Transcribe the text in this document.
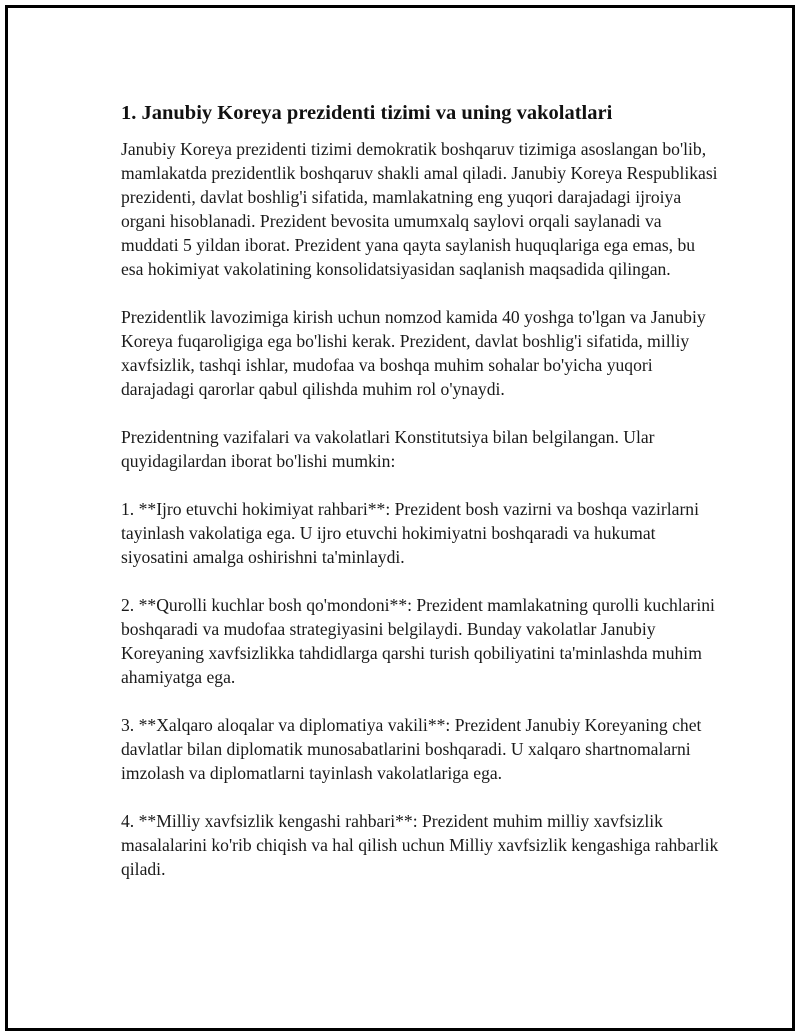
1. Janubiy Koreya prezidenti tizimi va uning vakolatlari

Janubiy Koreya prezidenti tizimi demokratik boshqaruv tizimiga asoslangan bo'lib, mamlakatda prezidentlik boshqaruv shakli amal qiladi. Janubiy Koreya Respublikasi prezidenti, davlat boshlig'i sifatida, mamlakatning eng yuqori darajadagi ijroiya organi hisoblanadi. Prezident bevosita umumxalq saylovi orqali saylanadi va muddati 5 yildan iborat. Prezident yana qayta saylanish huquqlariga ega emas, bu esa hokimiyat vakolatining konsolidatsiyasidan saqlanish maqsadida qilingan.

Prezidentlik lavozimiga kirish uchun nomzod kamida 40 yoshga to'lgan va Janubiy Koreya fuqaroligiga ega bo'lishi kerak. Prezident, davlat boshlig'i sifatida, milliy xavfsizlik, tashqi ishlar, mudofaa va boshqa muhim sohalar bo'yicha yuqori darajadagi qarorlar qabul qilishda muhim rol o'ynaydi.

Prezidentning vazifalari va vakolatlari Konstitutsiya bilan belgilangan. Ular quyidagilardan iborat bo'lishi mumkin:

1. **Ijro etuvchi hokimiyat rahbari**: Prezident bosh vazirni va boshqa vazirlarni tayinlash vakolatiga ega. U ijro etuvchi hokimiyatni boshqaradi va hukumat siyosatini amalga oshirishni ta'minlaydi.

2. **Qurolli kuchlar bosh qo'mondoni**: Prezident mamlakatning qurolli kuchlarini boshqaradi va mudofaa strategiyasini belgilaydi. Bunday vakolatlar Janubiy Koreyaning xavfsizlikka tahdidlarga qarshi turish qobiliyatini ta'minlashda muhim ahamiyatga ega.

3. **Xalqaro aloqalar va diplomatiya vakili**: Prezident Janubiy Koreyaning chet davlatlar bilan diplomatik munosabatlarini boshqaradi. U xalqaro shartnomalarni imzolash va diplomatlarni tayinlash vakolatlariga ega.

4. **Milliy xavfsizlik kengashi rahbari**: Prezident muhim milliy xavfsizlik masalalarini ko'rib chiqish va hal qilish uchun Milliy xavfsizlik kengashiga rahbarlik qiladi.
